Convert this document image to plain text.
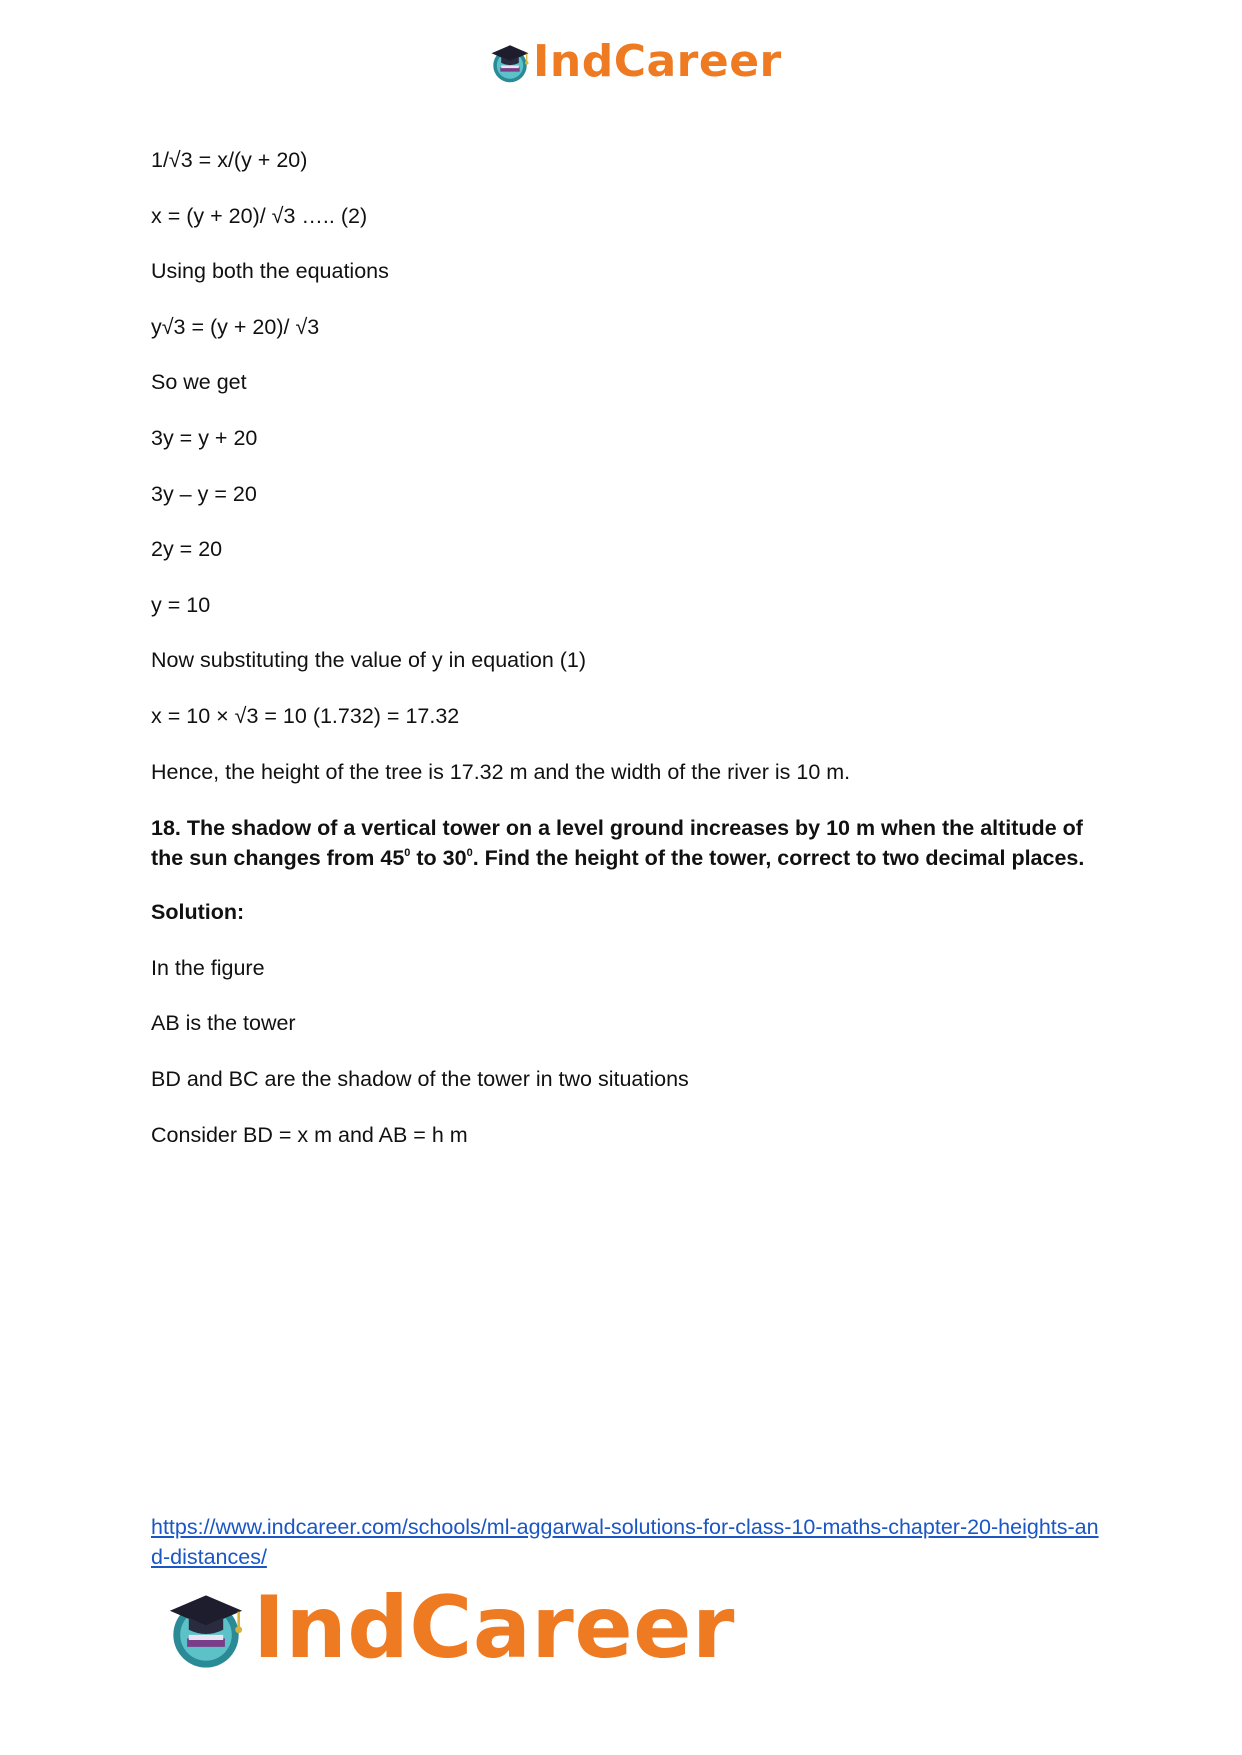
IndCareer
1/√3 = x/(y + 20)
x = (y + 20)/ √3 ….. (2)
Using both the equations
y√3 = (y + 20)/ √3
So we get
3y = y + 20
3y – y = 20
2y = 20
y = 10
Now substituting the value of y in equation (1)
x = 10 × √3 = 10 (1.732) = 17.32
Hence, the height of the tree is 17.32 m and the width of the river is 10 m.
18. The shadow of a vertical tower on a level ground increases by 10 m when the altitude of the sun changes from $45^0$ to $30^0$. Find the height of the tower, correct to two decimal places.
Solution:
In the figure
AB is the tower
BD and BC are the shadow of the tower in two situations
Consider BD = x m and AB = h m
https://www.indcareer.com/schools/ml-aggarwal-solutions-for-class-10-maths-chapter-20-heights-and-distances/
IndCareer
